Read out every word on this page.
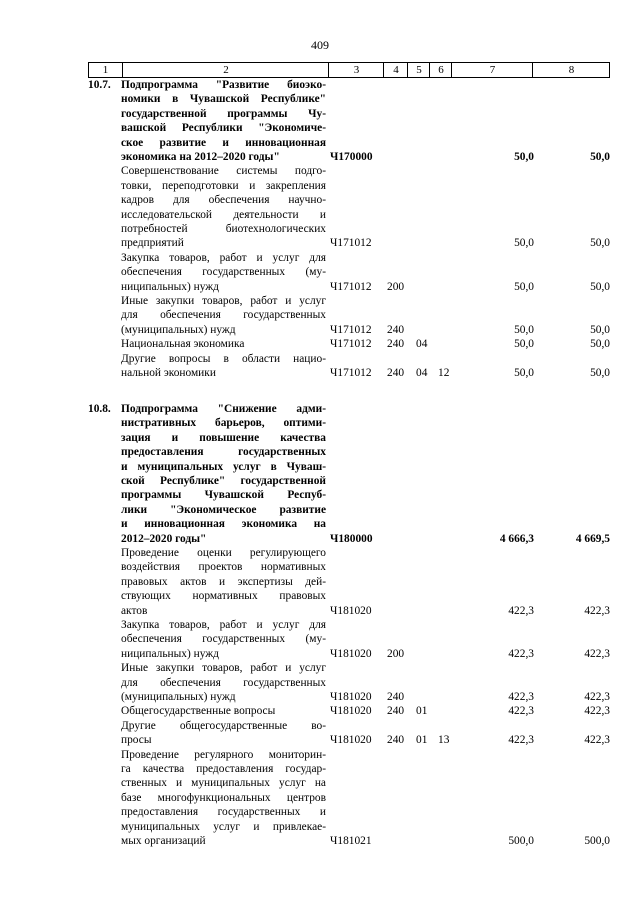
409
1	2	3	4	5	6	7	8
10.7. Подпрограмма "Развитие биоэко-
номики в Чувашской Республике"
государственной программы Чу-
вашской Республики "Экономиче-
ское развитие и инновационная
экономика на 2012–2020 годы"	Ч170000	50,0	50,0
Совершенствование системы подго-
товки, переподготовки и закрепления
кадров для обеспечения научно-
исследовательской деятельности и
потребностей биотехнологических
предприятий	Ч171012	50,0	50,0
Закупка товаров, работ и услуг для
обеспечения государственных (му-
ниципальных) нужд	Ч171012 200	50,0	50,0
Иные закупки товаров, работ и услуг
для обеспечения государственных
(муниципальных) нужд	Ч171012 240	50,0	50,0
Национальная экономика	Ч171012 240 04	50,0	50,0
Другие вопросы в области нацио-
нальной экономики	Ч171012 240 04 12	50,0	50,0
10.8. Подпрограмма "Снижение адми-
нистративных барьеров, оптими-
зация и повышение качества
предоставления государственных
и муниципальных услуг в Чуваш-
ской Республике" государственной
программы Чувашской Респуб-
лики "Экономическое развитие
и инновационная экономика на
2012–2020 годы"	Ч180000	4 666,3	4 669,5
Проведение оценки регулирующего
воздействия проектов нормативных
правовых актов и экспертизы дей-
ствующих нормативных правовых
актов	Ч181020	422,3	422,3
Закупка товаров, работ и услуг для
обеспечения государственных (му-
ниципальных) нужд	Ч181020 200	422,3	422,3
Иные закупки товаров, работ и услуг
для обеспечения государственных
(муниципальных) нужд	Ч181020 240	422,3	422,3
Общегосударственные вопросы	Ч181020 240 01	422,3	422,3
Другие общегосударственные во-
просы	Ч181020 240 01 13	422,3	422,3
Проведение регулярного мониторин-
га качества предоставления государ-
ственных и муниципальных услуг на
базе многофункциональных центров
предоставления государственных и
муниципальных услуг и привлекае-
мых организаций	Ч181021	500,0	500,0
